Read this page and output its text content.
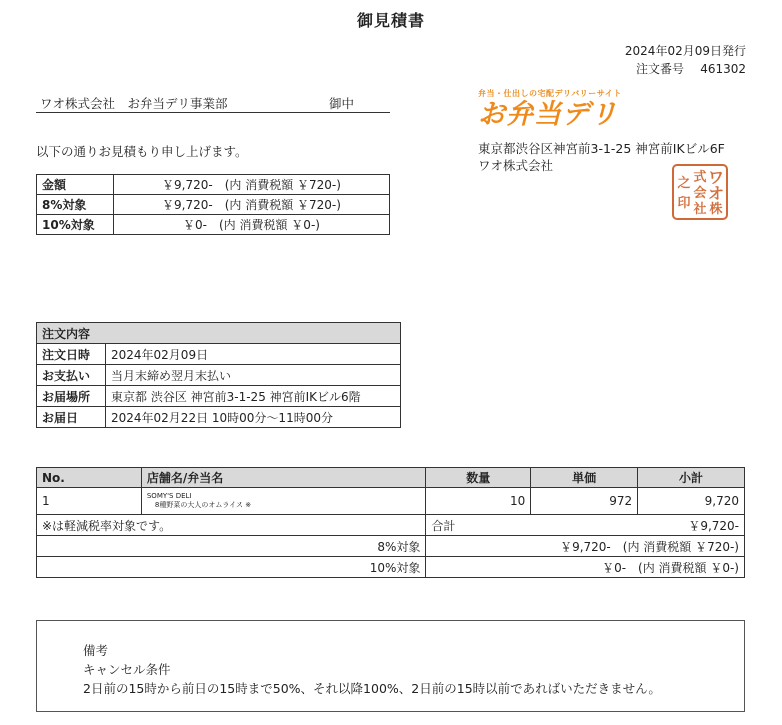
御見積書
2024年02月09日発行
注文番号	461302
ワオ株式会社　お弁当デリ事業部	御中
以下の通りお見積もり申し上げます。
金額	￥9,720-　(内 消費税額 ￥720-)
8%対象	￥9,720-　(内 消費税額 ￥720-)
10%対象	￥0-　(内 消費税額 ￥0-)
弁当・仕出しの宅配デリバリーサイト
お弁当デリ
東京都渋谷区神宮前3-1-25 神宮前IKビル6F
ワオ株式会社
ワ
オ
株
式
会
社
之
印
注文内容	
注文日時	2024年02月09日
お支払い	当月末締め翌月末払い
お届場所	東京都 渋谷区 神宮前3-1-25 神宮前IKビル6階
お届日	2024年02月22日 10時00分～11時00分
No.	店舗名/弁当名	数量	単価	小計
1	SOMY'S DELI
8種野菜の大人のオムライス ※	10	972	9,720
※は軽減税率対象です。		合計	￥9,720-	
8%対象		￥9,720-　(内 消費税額 ￥720-)		
10%対象		￥0-　(内 消費税額 ￥0-)		
備考
キャンセル条件
2日前の15時から前日の15時まで50%、それ以降100%、2日前の15時以前であればいただきません。
